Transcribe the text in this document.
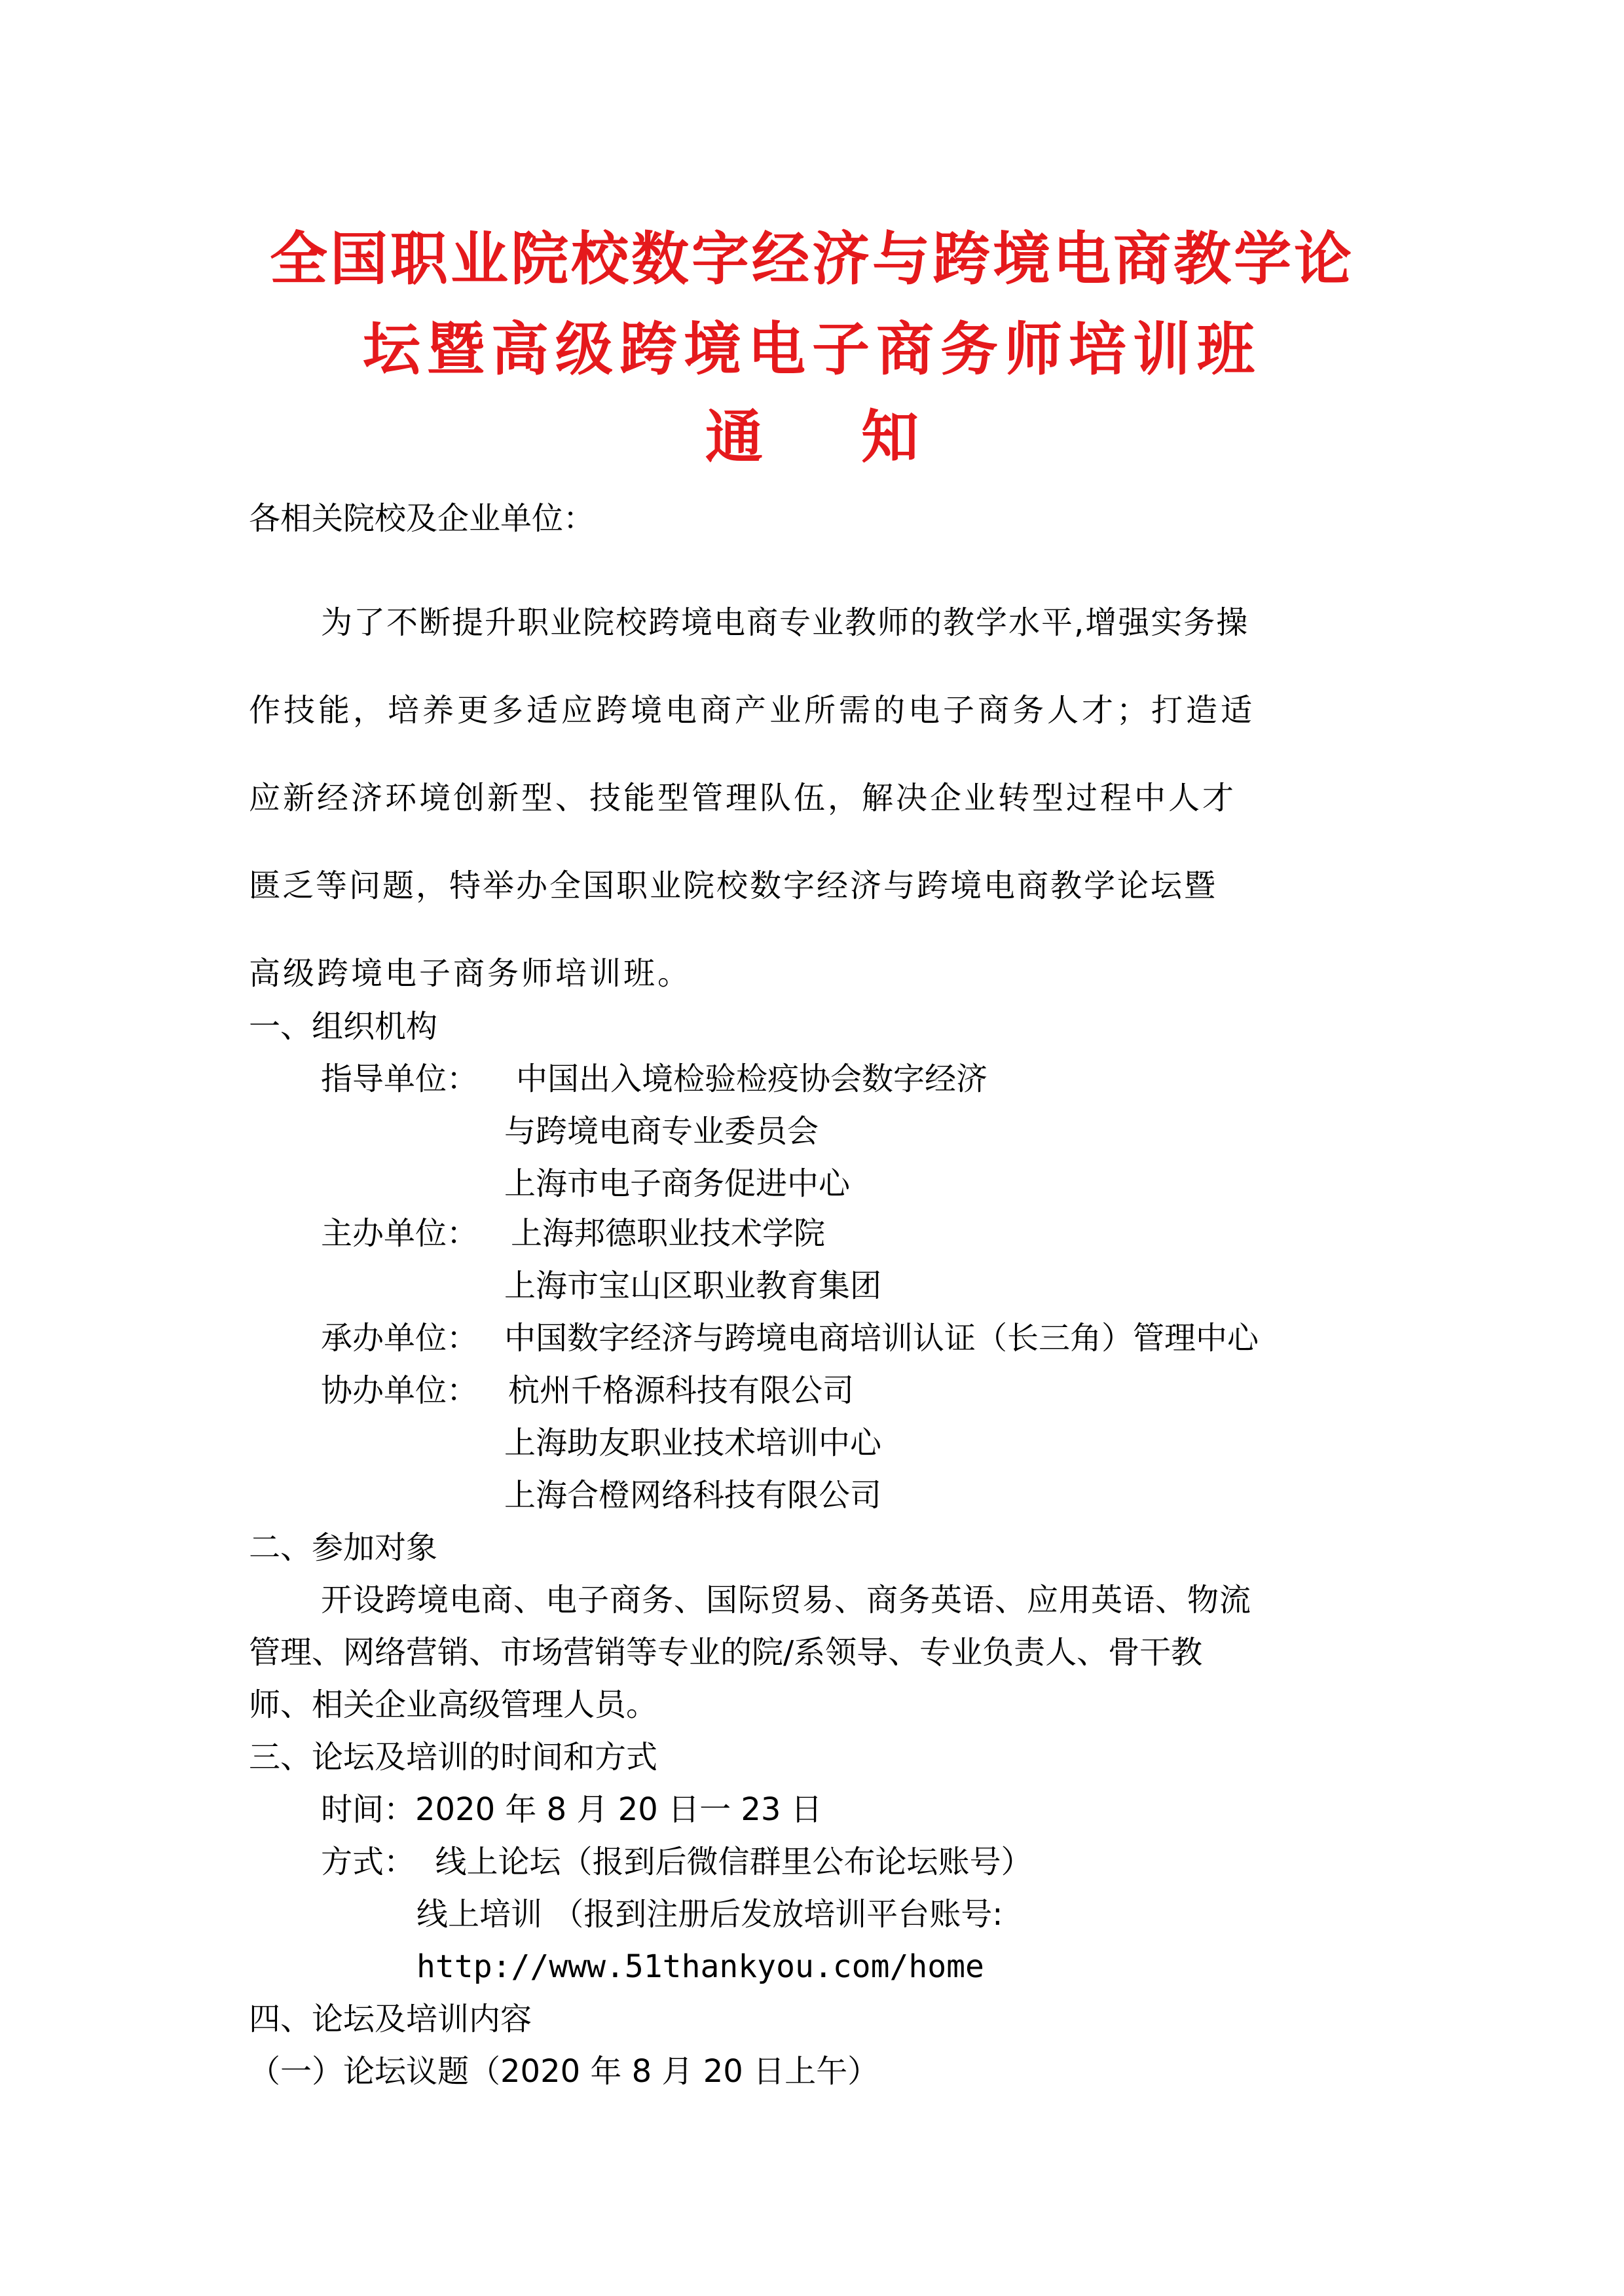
全国职业院校数字经济与跨境电商教学论
坛暨高级跨境电子商务师培训班
通 知
各相关院校及企业单位：
为了不断提升职业院校跨境电商专业教师的教学水平,增强实务操
作技能，培养更多适应跨境电商产业所需的电子商务人才；打造适
应新经济环境创新型、技能型管理队伍，解决企业转型过程中人才
匮乏等问题，特举办全国职业院校数字经济与跨境电商教学论坛暨
高级跨境电子商务师培训班。
一、组织机构
指导单位： 中国出入境检验检疫协会数字经济
与跨境电商专业委员会
上海市电子商务促进中心
主办单位： 上海邦德职业技术学院
上海市宝山区职业教育集团
承办单位： 中国数字经济与跨境电商培训认证（长三角）管理中心
协办单位： 杭州千格源科技有限公司
上海助友职业技术培训中心
上海合橙网络科技有限公司
二、参加对象
开设跨境电商、电子商务、国际贸易、商务英语、应用英语、物流
管理、网络营销、市场营销等专业的院/系领导、专业负责人、骨干教
师、相关企业高级管理人员。
三、论坛及培训的时间和方式
时间：2020 年 8 月 20 日一 23 日
方式：  线上论坛（报到后微信群里公布论坛账号）
线上培训 （报到注册后发放培训平台账号:
http://www.51thankyou.com/home
四、论坛及培训内容
（一）论坛议题（2020 年 8 月 20 日上午）
